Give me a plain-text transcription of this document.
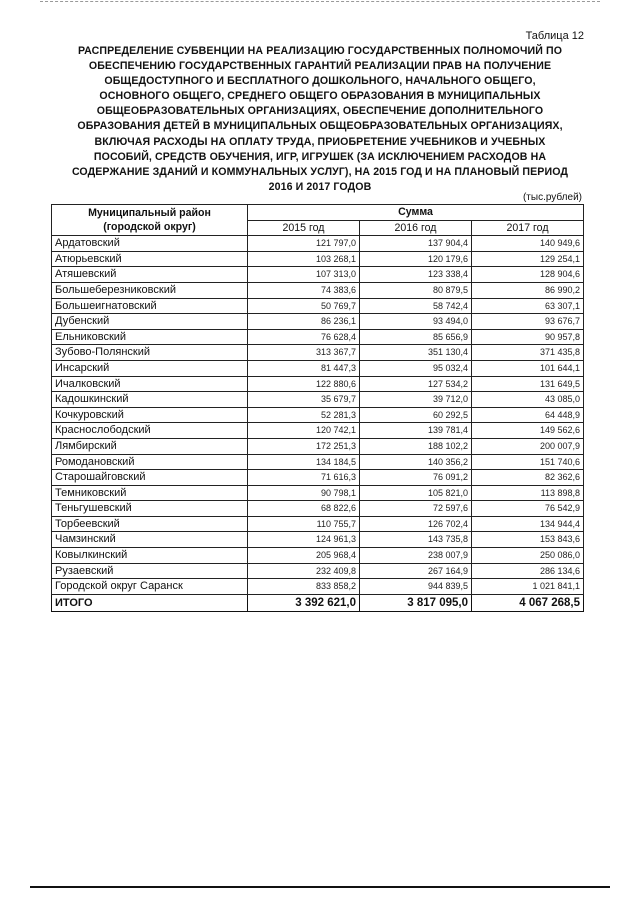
Таблица 12
РАСПРЕДЕЛЕНИЕ СУБВЕНЦИИ НА РЕАЛИЗАЦИЮ ГОСУДАРСТВЕННЫХ ПОЛНОМОЧИЙ ПО
ОБЕСПЕЧЕНИЮ ГОСУДАРСТВЕННЫХ ГАРАНТИЙ РЕАЛИЗАЦИИ ПРАВ НА ПОЛУЧЕНИЕ
ОБЩЕДОСТУПНОГО И БЕСПЛАТНОГО ДОШКОЛЬНОГО, НАЧАЛЬНОГО ОБЩЕГО,
ОСНОВНОГО ОБЩЕГО, СРЕДНЕГО ОБЩЕГО ОБРАЗОВАНИЯ В МУНИЦИПАЛЬНЫХ
ОБЩЕОБРАЗОВАТЕЛЬНЫХ ОРГАНИЗАЦИЯХ, ОБЕСПЕЧЕНИЕ ДОПОЛНИТЕЛЬНОГО
ОБРАЗОВАНИЯ ДЕТЕЙ В МУНИЦИПАЛЬНЫХ ОБЩЕОБРАЗОВАТЕЛЬНЫХ ОРГАНИЗАЦИЯХ,
ВКЛЮЧАЯ РАСХОДЫ НА ОПЛАТУ ТРУДА, ПРИОБРЕТЕНИЕ УЧЕБНИКОВ И УЧЕБНЫХ
ПОСОБИЙ, СРЕДСТВ ОБУЧЕНИЯ, ИГР, ИГРУШЕК (ЗА ИСКЛЮЧЕНИЕМ РАСХОДОВ НА
СОДЕРЖАНИЕ ЗДАНИЙ И КОММУНАЛЬНЫХ УСЛУГ), НА 2015 ГОД И НА ПЛАНОВЫЙ ПЕРИОД
2016 И 2017 ГОДОВ
(тыс.рублей)
Муниципальный район
(городской округ)	Сумма		
	2015 год	2016 год	2017 год
Ардатовский	121 797,0	137 904,4	140 949,6
Атюрьевский	103 268,1	120 179,6	129 254,1
Атяшевский	107 313,0	123 338,4	128 904,6
Большеберезниковский	74 383,6	80 879,5	86 990,2
Большеигнатовский	50 769,7	58 742,4	63 307,1
Дубенский	86 236,1	93 494,0	93 676,7
Ельниковский	76 628,4	85 656,9	90 957,8
Зубово-Полянский	313 367,7	351 130,4	371 435,8
Инсарский	81 447,3	95 032,4	101 644,1
Ичалковский	122 880,6	127 534,2	131 649,5
Кадошкинский	35 679,7	39 712,0	43 085,0
Кочкуровский	52 281,3	60 292,5	64 448,9
Краснослободский	120 742,1	139 781,4	149 562,6
Лямбирский	172 251,3	188 102,2	200 007,9
Ромодановский	134 184,5	140 356,2	151 740,6
Старошайговский	71 616,3	76 091,2	82 362,6
Темниковский	90 798,1	105 821,0	113 898,8
Теньгушевский	68 822,6	72 597,6	76 542,9
Торбеевский	110 755,7	126 702,4	134 944,4
Чамзинский	124 961,3	143 735,8	153 843,6
Ковылкинский	205 968,4	238 007,9	250 086,0
Рузаевский	232 409,8	267 164,9	286 134,6
Городской округ Саранск	833 858,2	944 839,5	1 021 841,1
ИТОГО	3 392 621,0	3 817 095,0	4 067 268,5
